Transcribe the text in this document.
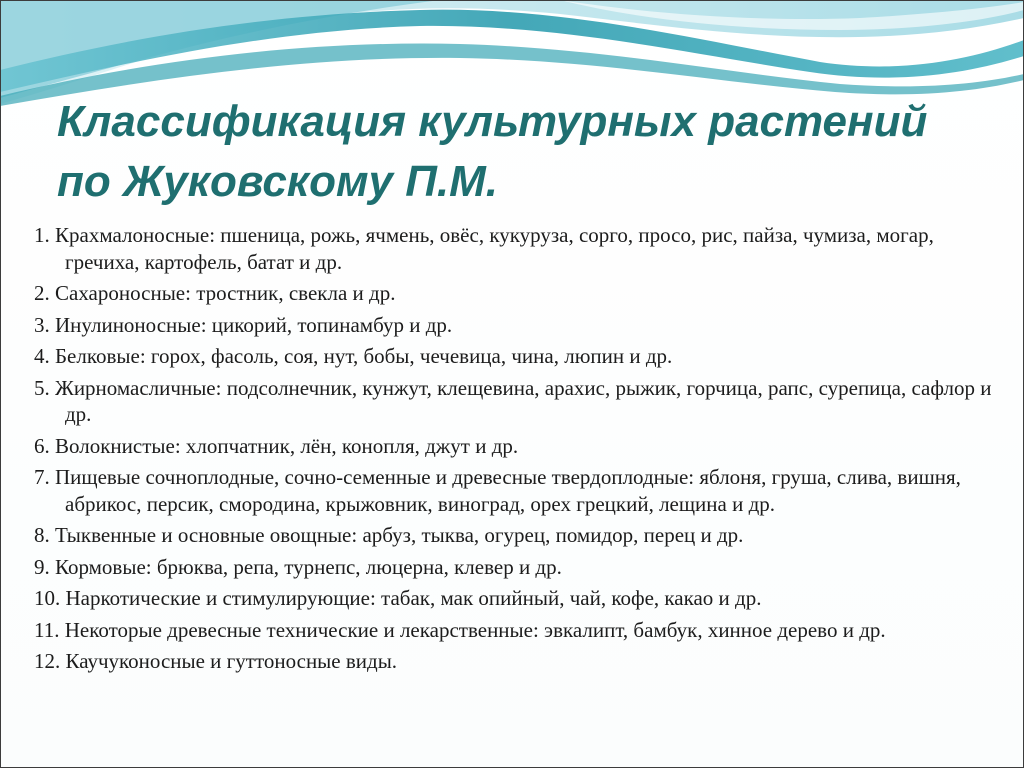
Классификация культурных растений
по Жуковскому П.М.
1. Крахмалоносные: пшеница, рожь, ячмень, овёс, кукуруза, сорго, просо, рис, пайза, чумиза, могар, гречиха, картофель, батат и др.
2. Сахароносные: тростник, свекла и др.
3. Инулиноносные: цикорий, топинамбур и др.
4. Белковые: горох, фасоль, соя, нут, бобы, чечевица, чина, люпин и др.
5. Жирномасличные: подсолнечник, кунжут, клещевина, арахис, рыжик, горчица, рапс, сурепица, сафлор и др.
6. Волокнистые: хлопчатник, лён, конопля, джут и др.
7. Пищевые сочноплодные, сочно-семенные и древесные твердоплодные: яблоня, груша, слива, вишня, абрикос, персик, смородина, крыжовник, виноград, орех грецкий, лещина и др.
8. Тыквенные и основные овощные: арбуз, тыква, огурец, помидор, перец и др.
9. Кормовые: брюква, репа, турнепс, люцерна, клевер и др.
10. Наркотические и стимулирующие: табак, мак опийный, чай, кофе, какао и др.
11. Некоторые древесные технические и лекарственные: эвкалипт, бамбук, хинное дерево и др.
12. Каучуконосные и гуттоносные виды.
